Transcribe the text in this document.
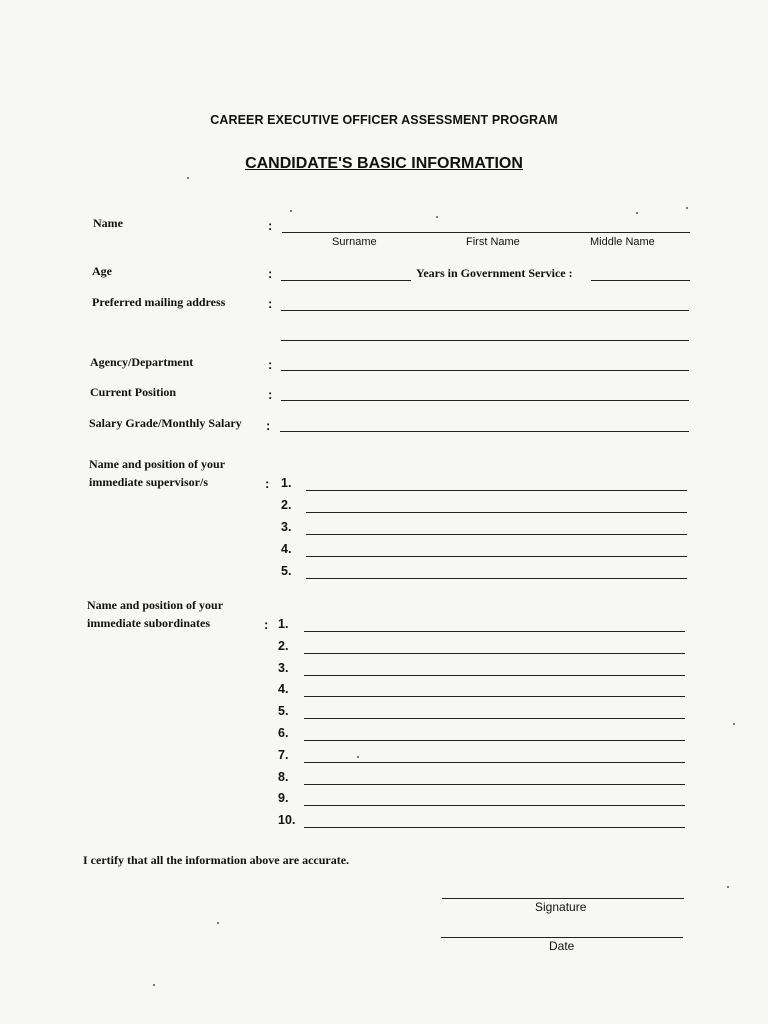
CAREER EXECUTIVE OFFICER ASSESSMENT PROGRAM
CANDIDATE'S BASIC INFORMATION
Name	:
Surname	First Name	Middle Name
Age	:	Years in Government Service :
Preferred mailing address	:
Agency/Department	:
Current Position	:
Salary Grade/Monthly Salary :
Name and position of your
immediate supervisor/s	: 1.
2.
3.
4.
5.
Name and position of your
immediate subordinates	: 1.
2.
3.
4.
5.
6.
7.
8.
9.
10.
I certify that all the information above are accurate.
Signature
Date
